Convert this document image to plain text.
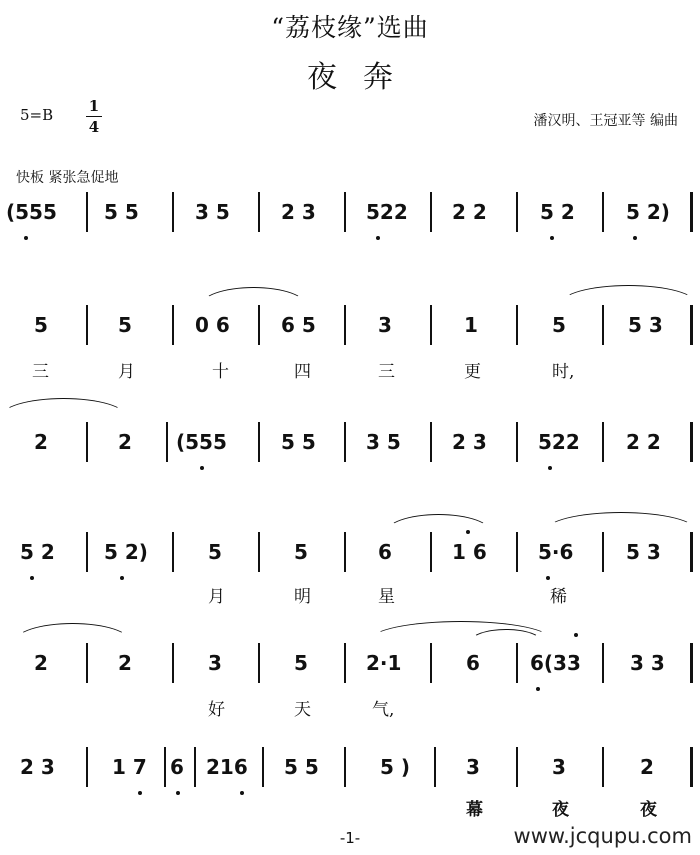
“荔枝缘”选曲
夜奔
5=B 1
4	潘汉明、王冠亚等 编曲
快板 紧张急促地
(555 5 5	3 5	2 3	522 2 2	5 2	5 2)
5	5	0 6	6 5	3	1	5	5 3
三	月	十	四	三	更	时,
2	2 (555	5 5	3 5	2 3	522 2 2
5 2 5 2)	5	5	6	1 6	5·6	5 3
月	明	星	稀
2	2	3	5	2·1	6	6(33 3 3
好	天	气,
2 3	1 7 6 216 5 5	5 )	3	3	2
幕	夜	夜
-1-	www.jcqupu.com
